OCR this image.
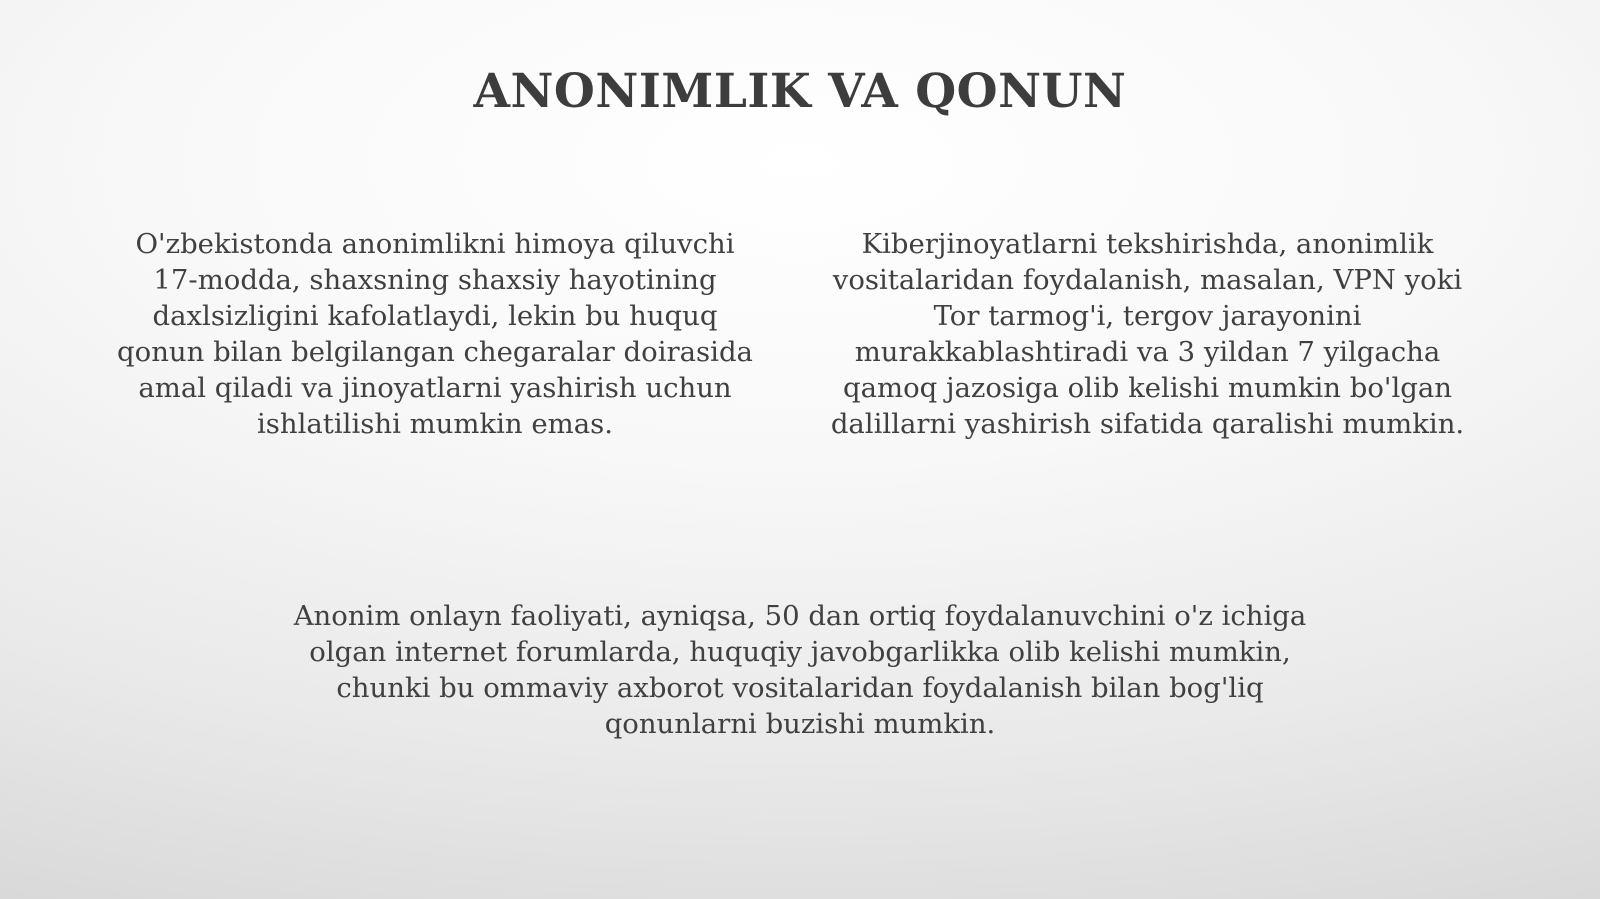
ANONIMLIK VA QONUN

O'zbekistonda anonimlikni himoya qiluvchi 17-modda, shaxsning shaxsiy hayotining daxlsizligini kafolatlaydi, lekin bu huquq qonun bilan belgilangan chegaralar doirasida amal qiladi va jinoyatlarni yashirish uchun ishlatilishi mumkin emas.

Kiberjinoyatlarni tekshirishda, anonimlik vositalaridan foydalanish, masalan, VPN yoki Tor tarmog'i, tergov jarayonini murakkablashtiradi va 3 yildan 7 yilgacha qamoq jazosiga olib kelishi mumkin bo'lgan dalillarni yashirish sifatida qaralishi mumkin.

Anonim onlayn faoliyati, ayniqsa, 50 dan ortiq foydalanuvchini o'z ichiga olgan internet forumlarda, huquqiy javobgarlikka olib kelishi mumkin, chunki bu ommaviy axborot vositalaridan foydalanish bilan bog'liq qonunlarni buzishi mumkin.
